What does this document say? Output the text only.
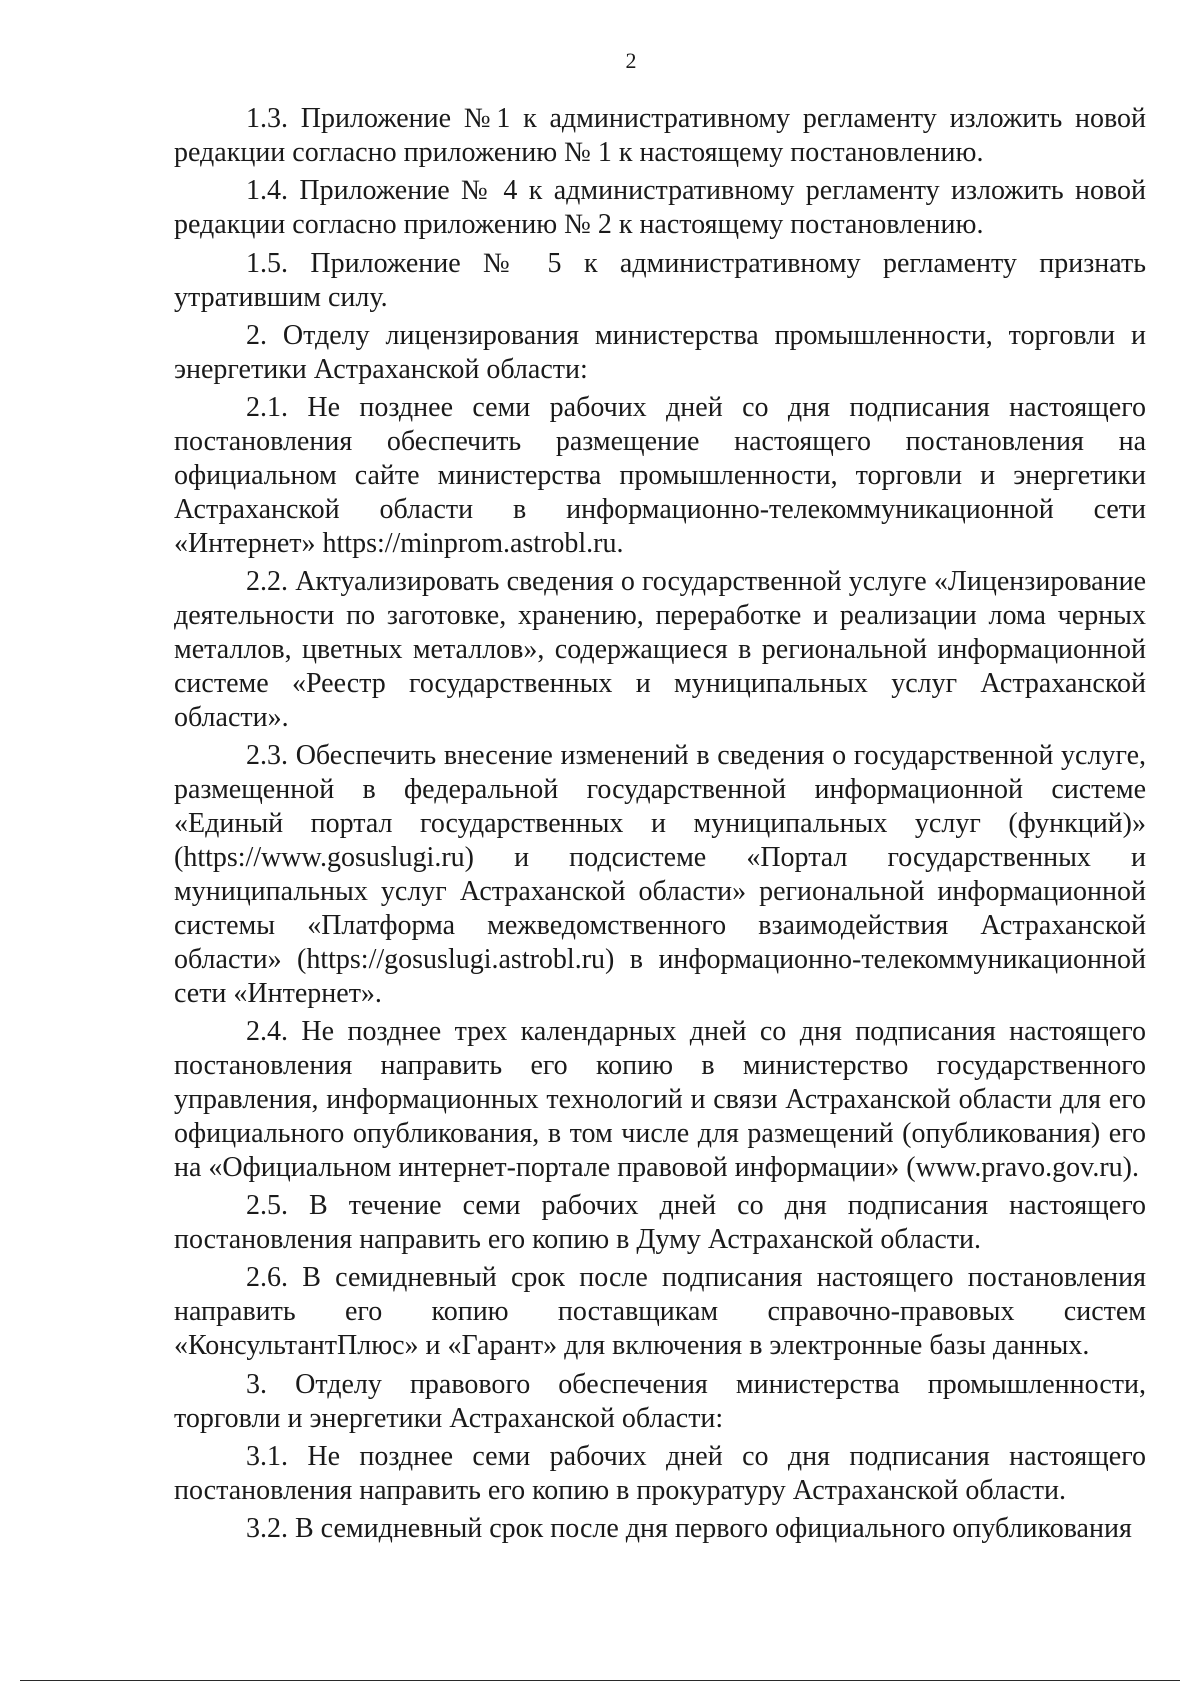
2

1.3. Приложение №1 к административному регламенту изложить новой редакции согласно приложению № 1 к настоящему постановлению.

1.4. Приложение № 4 к административному регламенту изложить новой редакции согласно приложению № 2 к настоящему постановлению.

1.5. Приложение № 5 к административному регламенту признать утратившим силу.

2. Отделу лицензирования министерства промышленности, торговли и энергетики Астраханской области:

2.1. Не позднее семи рабочих дней со дня подписания настоящего постановления обеспечить размещение настоящего постановления на официальном сайте министерства промышленности, торговли и энергетики Астраханской области в информационно-телекоммуникационной сети «Интернет» https://minprom.astrobl.ru.

2.2. Актуализировать сведения о государственной услуге «Лицензирование деятельности по заготовке, хранению, переработке и реализации лома черных металлов, цветных металлов», содержащиеся в региональной информационной системе «Реестр государственных и муниципальных услуг Астраханской области».

2.3. Обеспечить внесение изменений в сведения о государственной услуге, размещенной в федеральной государственной информационной системе «Единый портал государственных и муниципальных услуг (функций)» (https://www.gosuslugi.ru) и подсистеме «Портал государственных и муниципальных услуг Астраханской области» региональной информационной системы «Платформа межведомственного взаимодействия Астраханской области» (https://gosuslugi.astrobl.ru) в информационно-телекоммуникационной сети «Интернет».

2.4. Не позднее трех календарных дней со дня подписания настоящего постановления направить его копию в министерство государственного управления, информационных технологий и связи Астраханской области для его официального опубликования, в том числе для размещений (опубликования) его на «Официальном интернет-портале правовой информации» (www.pravo.gov.ru).

2.5. В течение семи рабочих дней со дня подписания настоящего постановления направить его копию в Думу Астраханской области.

2.6. В семидневный срок после подписания настоящего постановления направить его копию поставщикам справочно-правовых систем «КонсультантПлюс» и «Гарант» для включения в электронные базы данных.

3. Отделу правового обеспечения министерства промышленности, торговли и энергетики Астраханской области:

3.1. Не позднее семи рабочих дней со дня подписания настоящего постановления направить его копию в прокуратуру Астраханской области.

3.2. В семидневный срок после дня первого официального опубликования
